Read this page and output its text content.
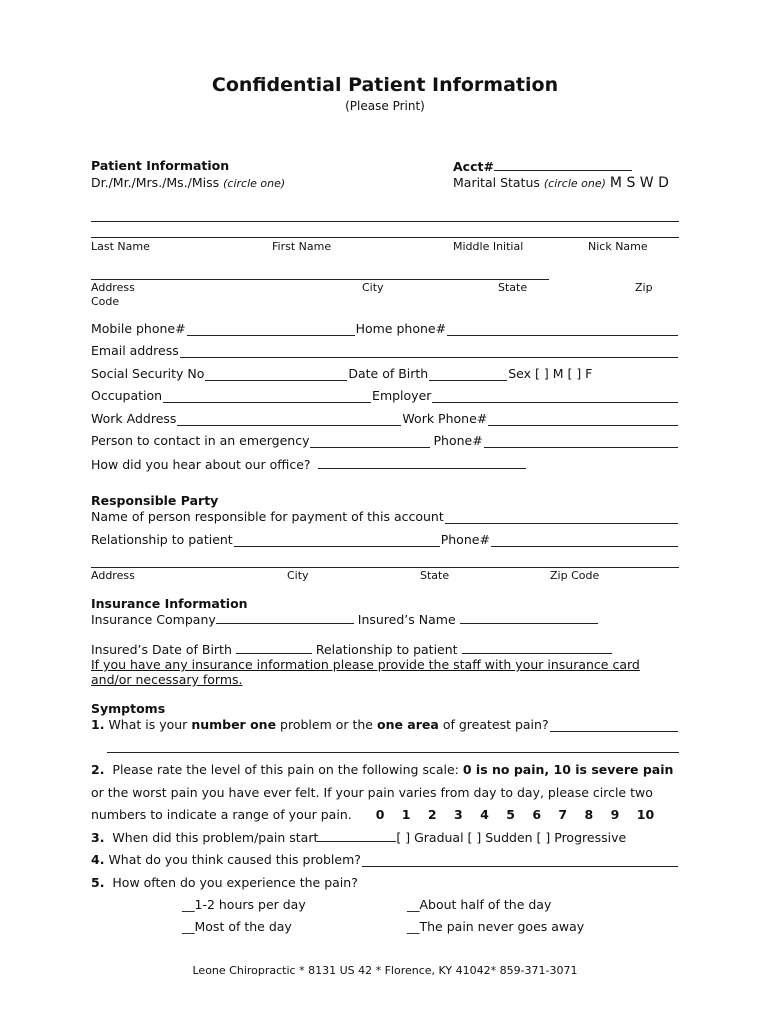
Confidential Patient Information
(Please Print)
Patient Information
Dr./Mr./Mrs./Ms./Miss (circle one)
Acct#
Marital Status (circle one) M S W D
Last Name	First Name	Middle Initial	Nick Name
Address	City	State	Zip
Code
Mobile phone#	Home phone#
Email address
Social Security No	Date of Birth	Sex [ ] M [ ] F
Occupation	Employer
Work Address	Work Phone#
Person to contact in an emergency	Phone#
How did you hear about our office?
Responsible Party
Name of person responsible for payment of this account
Relationship to patient	Phone#
Address	City	State	Zip Code
Insurance Information
Insurance Company	Insured’s Name
Insured’s Date of Birth	Relationship to patient
If you have any insurance information please provide the staff with your insurance card
and/or necessary forms.
Symptoms
1.
What is your
number one
problem or the
one area
of greatest pain?
2. Please rate the level of this pain on the following scale: 0 is no pain, 10 is severe pain
or the worst pain you have ever felt. If your pain varies from day to day, please circle two
numbers to indicate a range of your pain. 0    1    2    3    4    5    6    7    8    9    10
3. When did this problem/pain start	[ ] Gradual [ ] Sudden [ ] Progressive
4.
What do you think caused this problem?
5. How often do you experience the pain?
__1-2 hours per day	__About half of the day
__Most of the day	__The pain never goes away
Leone Chiropractic * 8131 US 42 * Florence, KY 41042* 859-371-3071
